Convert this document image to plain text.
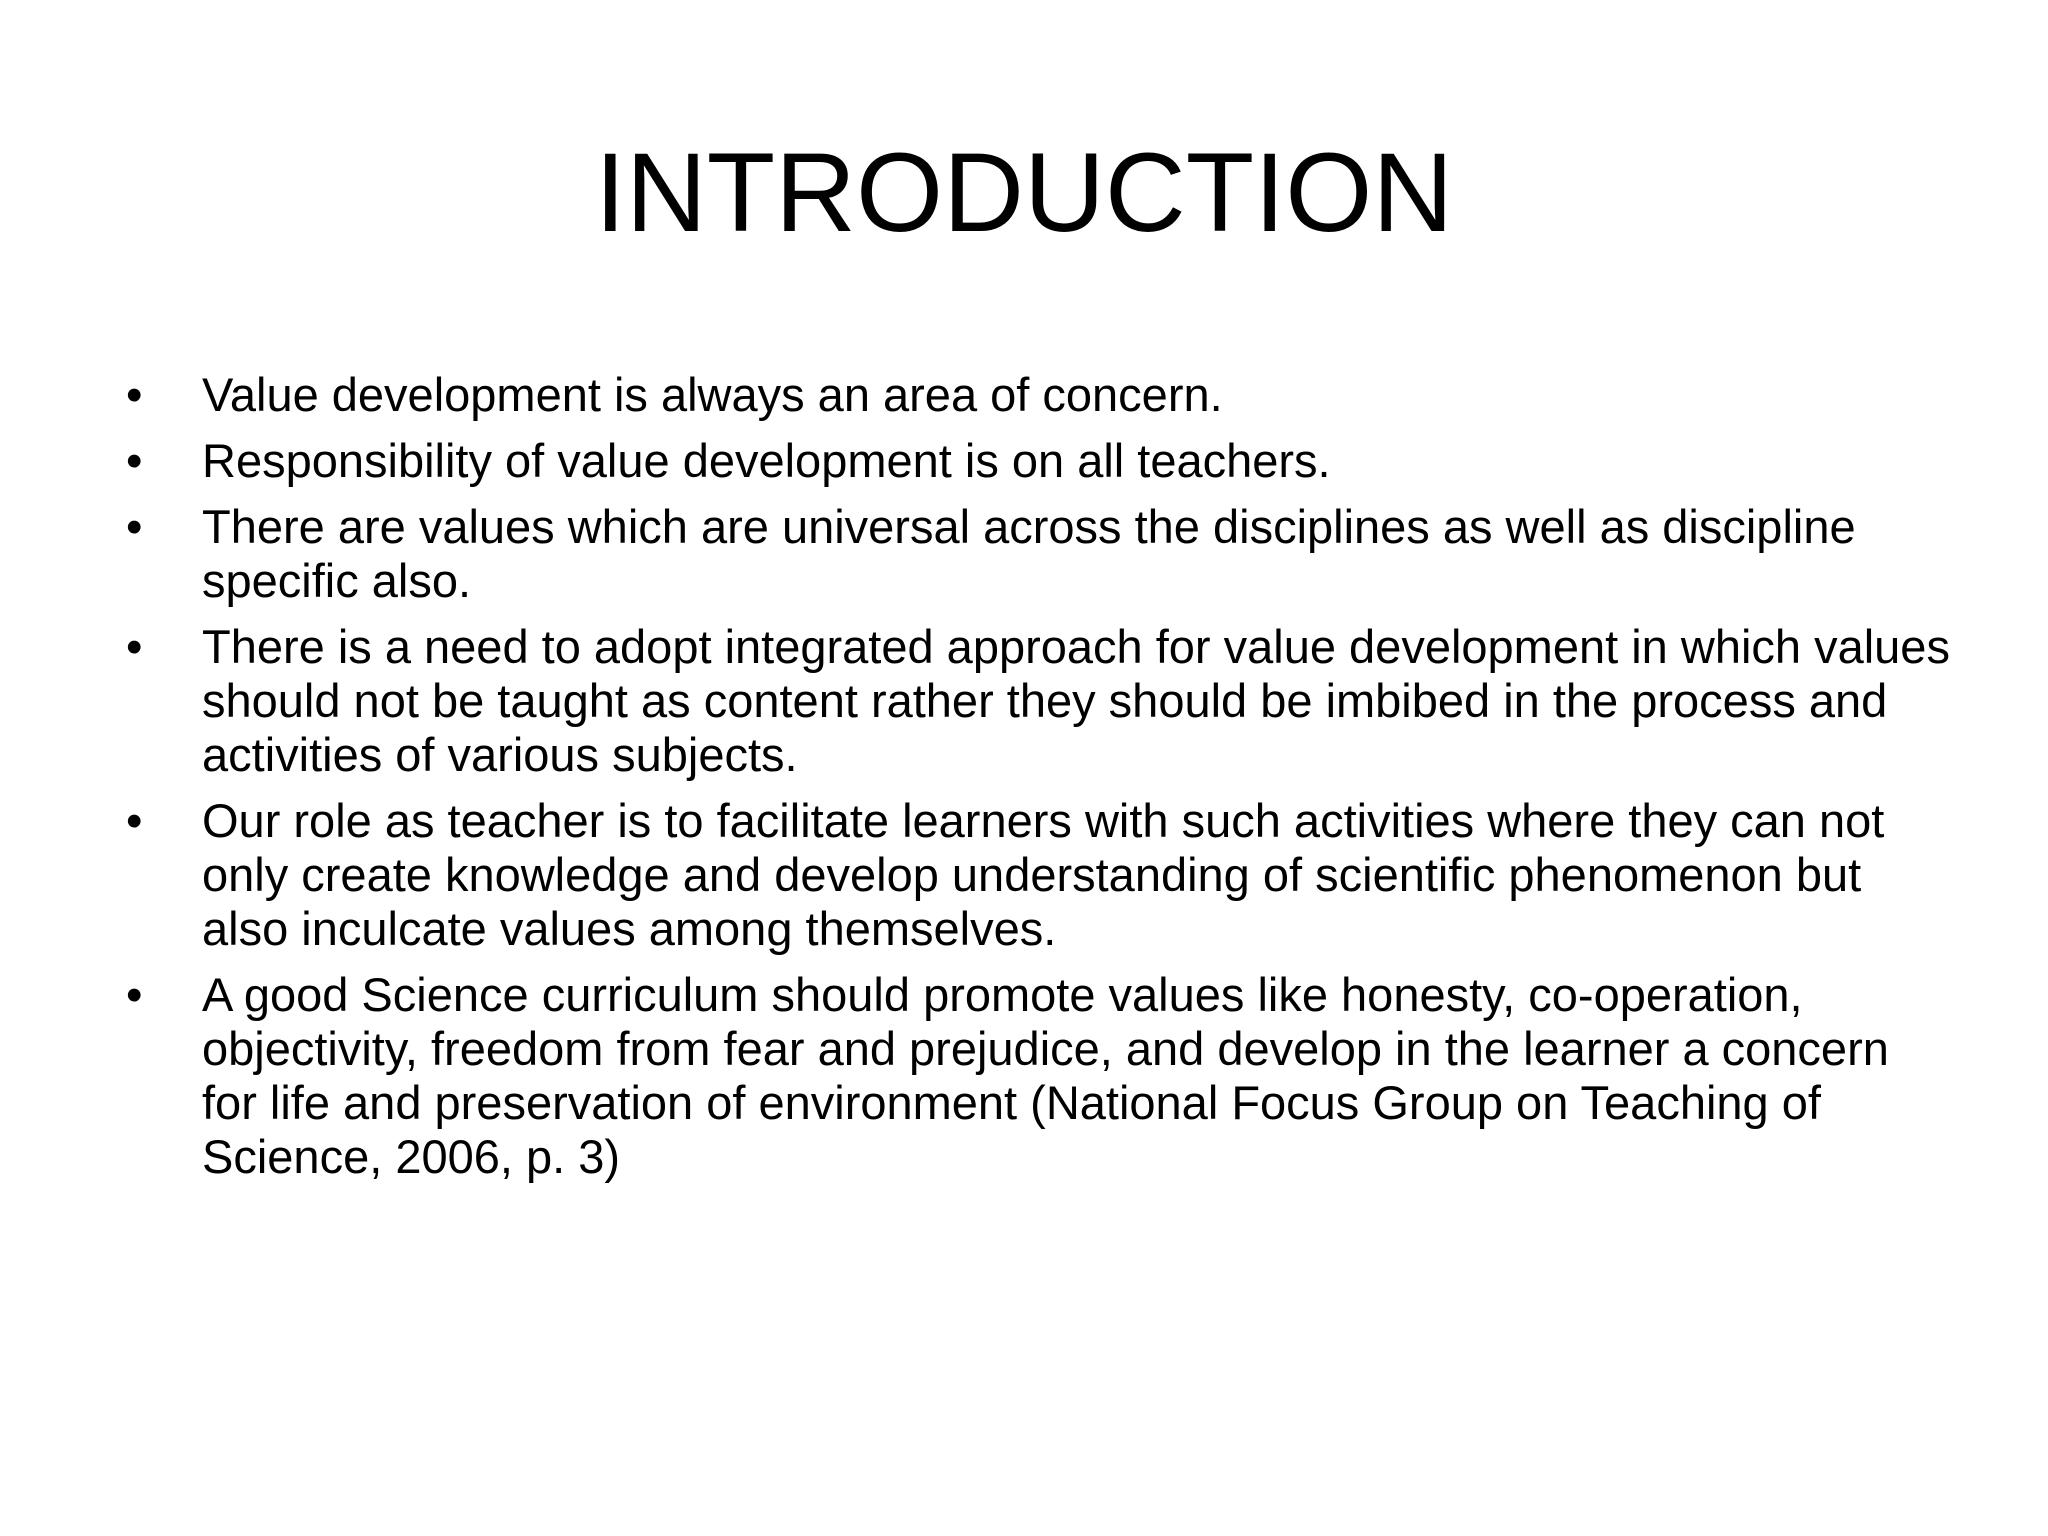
INTRODUCTION
• Value development is always an area of concern.
• Responsibility of value development is on all teachers.
• There are values which are universal across the disciplines as well as discipline specific also.
• There is a need to adopt integrated approach for value development in which values should not be taught as content rather they should be imbibed in the process and activities of various subjects.
• Our role as teacher is to facilitate learners with such activities where they can not only create knowledge and develop understanding of scientific phenomenon but also inculcate values among themselves.
• A good Science curriculum should promote values like honesty, co-operation, objectivity, freedom from fear and prejudice, and develop in the learner a concern for life and preservation of environment (National Focus Group on Teaching of Science, 2006, p. 3)
